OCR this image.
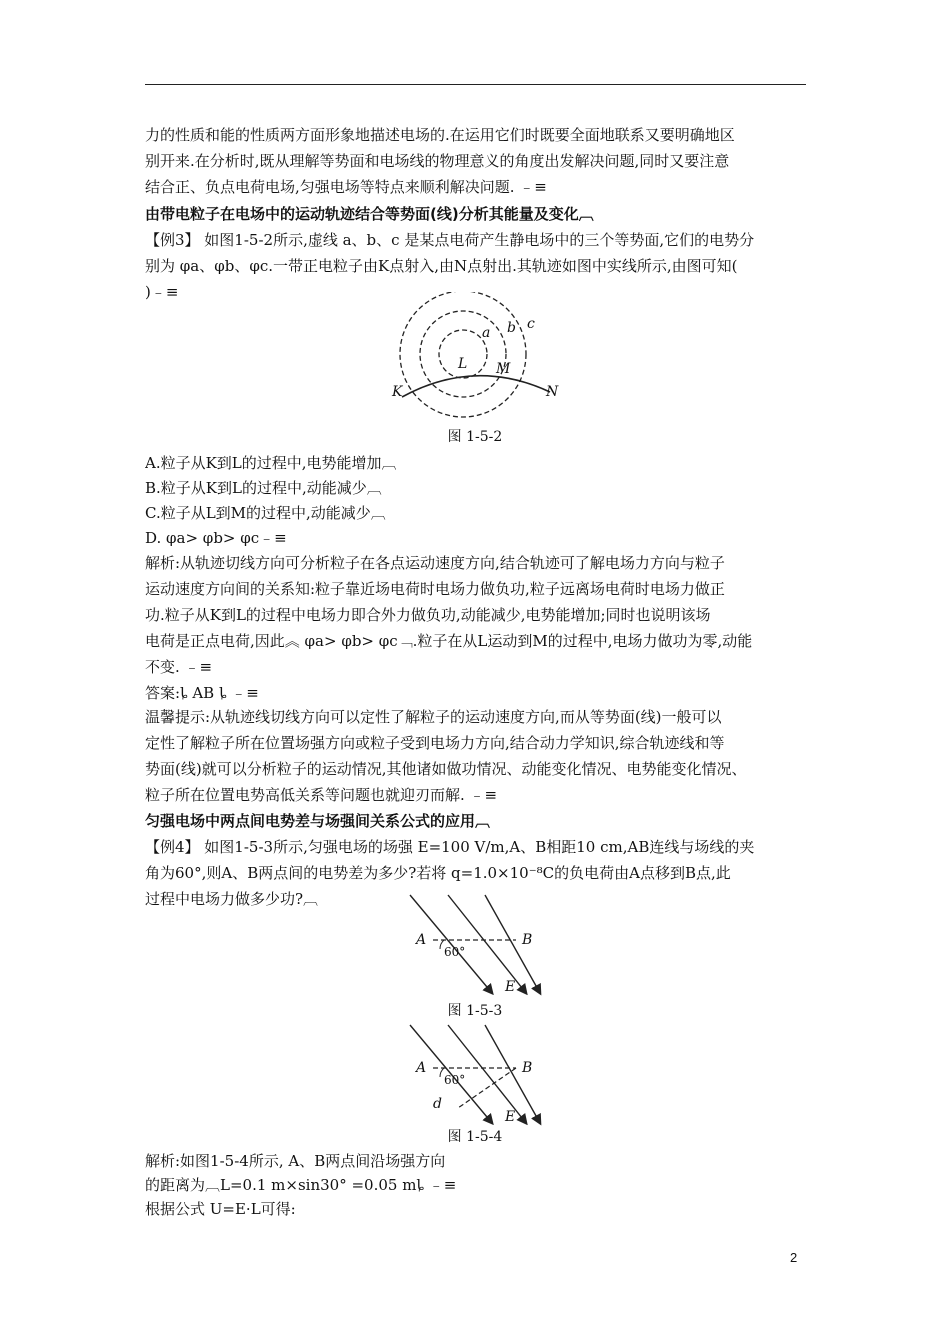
力的性质和能的性质两方面形象地描述电场的.在运用它们时既要全面地联系又要明确地区
别开来.在分析时,既从理解等势面和电场线的物理意义的角度出发解决问题,同时又要注意
结合正、负点电荷电场,匀强电场等特点来顺利解决问题. ﹣≡
由带电粒子在电场中的运动轨迹结合等势面(线)分析其能量及变化︹
【例3】 如图1-5-2所示,虚线 a、b、c 是某点电荷产生静电场中的三个等势面,它们的电势分
别为 φa、φb、φc.一带正电粒子由K点射入,由N点射出.其轨迹如图中实线所示,由图可知(
)﹣≡
a b c
L M
K	N
图 1-5-2
A.粒子从K到L的过程中,电势能增加︹
B.粒子从K到L的过程中,动能减少︹
C.粒子从L到M的过程中,动能减少︹
D. φa> φb> φc﹣≡
解析:从轨迹切线方向可分析粒子在各点运动速度方向,结合轨迹可了解电场力方向与粒子
运动速度方向间的关系知:粒子靠近场电荷时电场力做负功,粒子远离场电荷时电场力做正
功.粒子从K到L的过程中电场力即合外力做负功,动能减少,电势能增加;同时也说明该场
电荷是正点电荷,因此︽ φa> φb> φc﹁.粒子在从L运动到M的过程中,电场力做功为零,动能
不变. ﹣≡
答案:ȴ AB ȴ ﹣≡
温馨提示:从轨迹线切线方向可以定性了解粒子的运动速度方向,而从等势面(线)一般可以
定性了解粒子所在位置场强方向或粒子受到电场力方向,结合动力学知识,综合轨迹线和等
势面(线)就可以分析粒子的运动情况,其他诸如做功情况、动能变化情况、电势能变化情况、
粒子所在位置电势高低关系等问题也就迎刃而解. ﹣≡
匀强电场中两点间电势差与场强间关系公式的应用︹
【例4】 如图1-5-3所示,匀强电场的场强 E=100 V/m,A、B相距10 cm,AB连线与场线的夹
角为60°,则A、B两点间的电势差为多少?若将 q=1.0×10⁻⁸C的负电荷由A点移到B点,此
过程中电场力做多少功?︹
A	B
E
60°
图 1-5-3
A	B
E
d
60°
图 1-5-4
解析:如图1-5-4所示, A、B两点间沿场强方向
的距离为︹L=0.1 m×sin30° =0.05 mȴ ﹣≡
根据公式 U=E·L可得:
2
